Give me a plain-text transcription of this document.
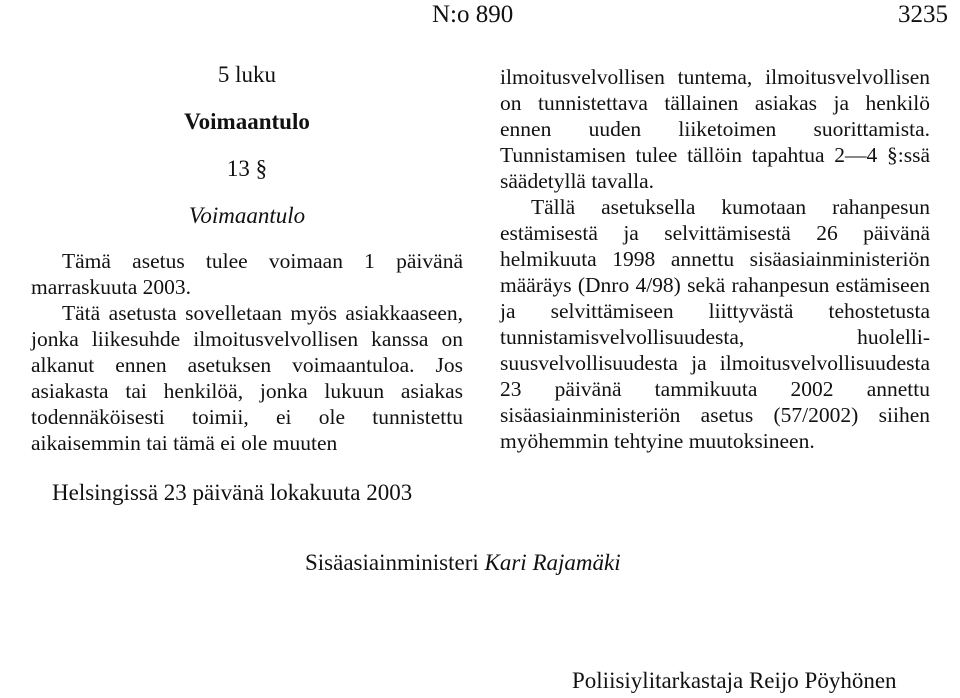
N:o 890	3235
5 luku
Voimaantulo
13 §
Voimaantulo

Tämä asetus tulee voimaan 1 päivänä marraskuuta 2003.

Tätä asetusta sovelletaan myös asiakkaaseen, jonka liikesuhde ilmoitusvelvollisen kanssa on alkanut ennen asetuksen voimaantuloa. Jos asiakasta tai henkilöä, jonka lukuun asiakas todennäköisesti toimii, ei ole tunnistettu aikaisemmin tai tämä ei ole muuten

ilmoitusvelvollisen tuntema, ilmoitusvelvollisen on tunnistettava tällainen asiakas ja henkilö ennen uuden liiketoimen suorittamista. Tunnistamisen tulee tällöin tapahtua 2—4 §:ssä säädetyllä tavalla.

Tällä asetuksella kumotaan rahanpesun estämisestä ja selvittämisestä 26 päivänä helmikuuta 1998 annettu sisäasiainministeriön määräys (Dnro 4/98) sekä rahanpesun estämiseen ja selvittämiseen liittyvästä tehostetusta tunnistamisvelvollisuudesta, huolellisuusvelvollisuudesta ja ilmoitusvelvollisuudesta 23 päivänä tammikuuta 2002 annettu sisäasiainministeriön asetus (57/2002) siihen myöhemmin tehtyine muutoksineen.

Helsingissä 23 päivänä lokakuuta 2003
Sisäasiainministeri Kari Rajamäki
Poliisiylitarkastaja Reijo Pöyhönen
